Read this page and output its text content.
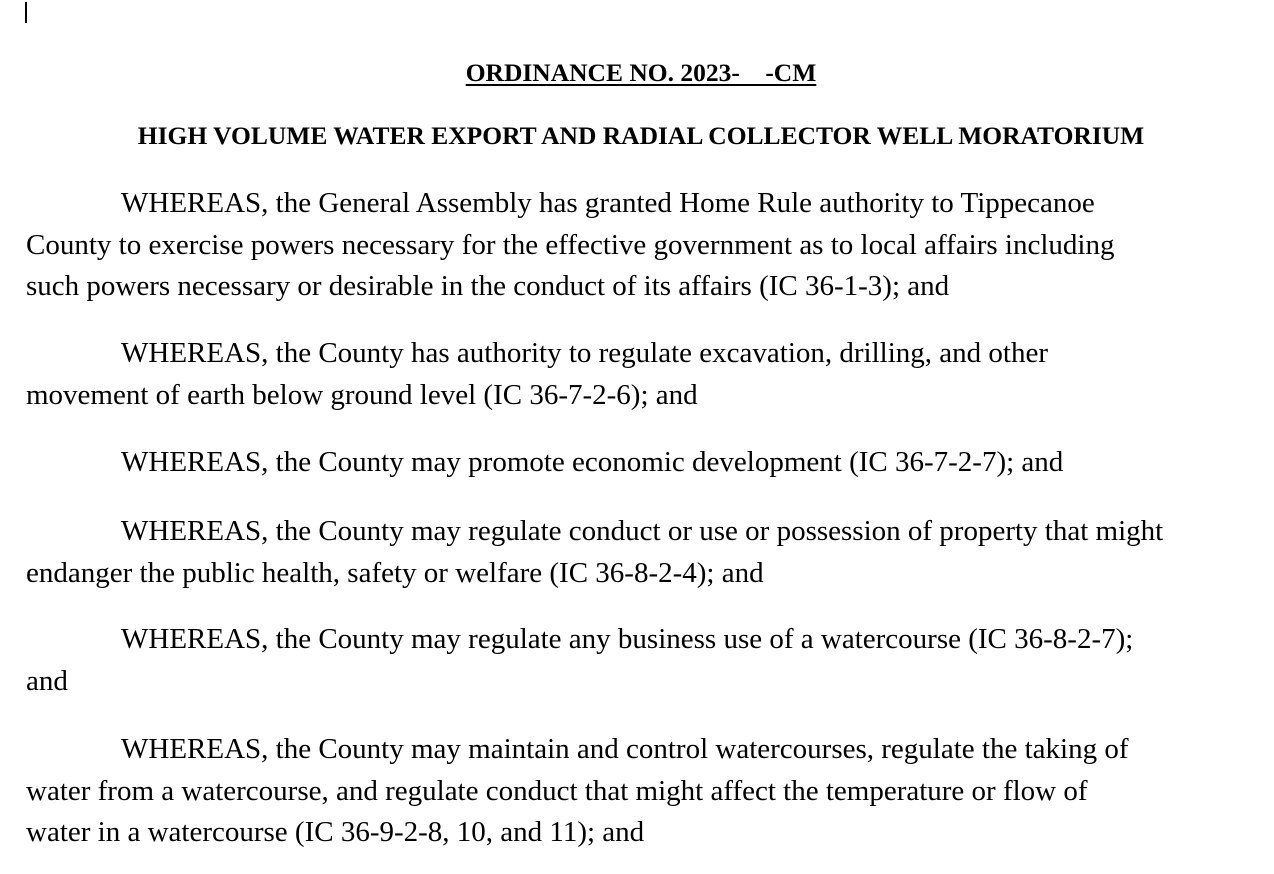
ORDINANCE NO. 2023-    -CM
HIGH VOLUME WATER EXPORT AND RADIAL COLLECTOR WELL MORATORIUM

WHEREAS, the General Assembly has granted Home Rule authority to Tippecanoe
County to exercise powers necessary for the effective government as to local affairs including
such powers necessary or desirable in the conduct of its affairs (IC 36-1-3); and

WHEREAS, the County has authority to regulate excavation, drilling, and other
movement of earth below ground level (IC 36-7-2-6); and

WHEREAS, the County may promote economic development (IC 36-7-2-7); and

WHEREAS, the County may regulate conduct or use or possession of property that might
endanger the public health, safety or welfare (IC 36-8-2-4); and

WHEREAS, the County may regulate any business use of a watercourse (IC 36-8-2-7);
and

WHEREAS, the County may maintain and control watercourses, regulate the taking of
water from a watercourse, and regulate conduct that might affect the temperature or flow of
water in a watercourse (IC 36-9-2-8, 10, and 11); and
